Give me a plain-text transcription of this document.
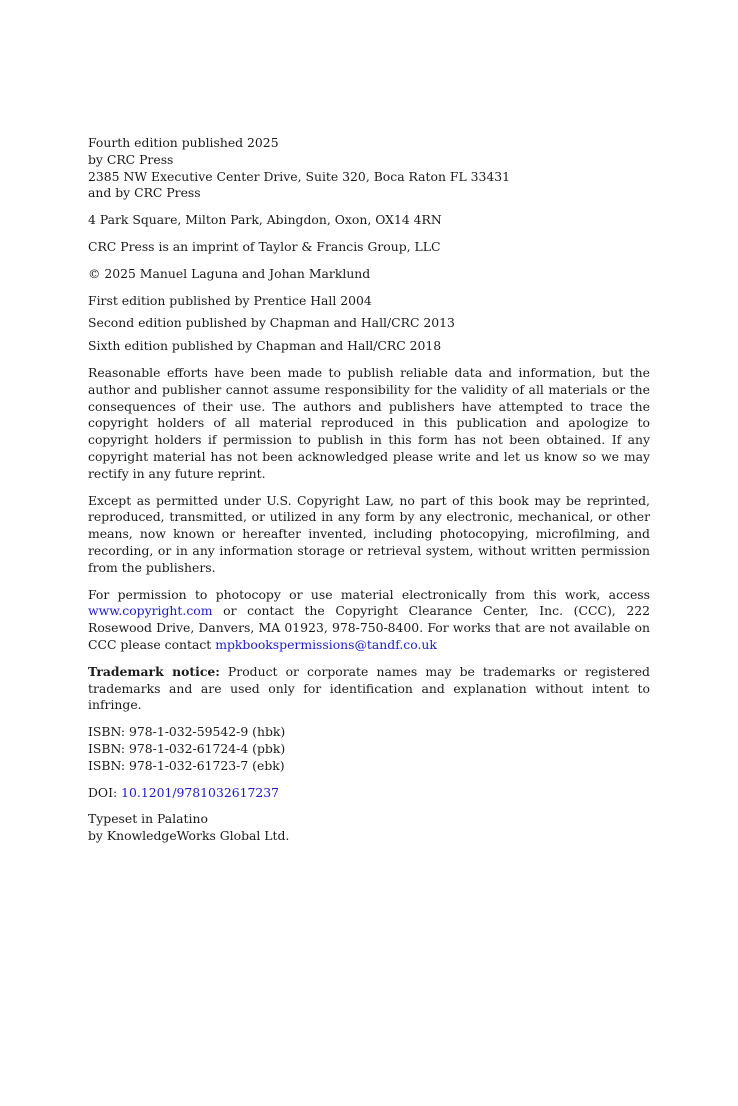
Fourth edition published 2025
by CRC Press
2385 NW Executive Center Drive, Suite 320, Boca Raton FL 33431
and by CRC Press
4 Park Square, Milton Park, Abingdon, Oxon, OX14 4RN
CRC Press is an imprint of Taylor & Francis Group, LLC
© 2025 Manuel Laguna and Johan Marklund
First edition published by Prentice Hall 2004
Second edition published by Chapman and Hall/CRC 2013
Sixth edition published by Chapman and Hall/CRC 2018

Reasonable efforts have been made to publish reliable data and information, but the author and publisher cannot assume responsibility for the validity of all materials or the consequences of their use. The authors and publishers have attempted to trace the copyright holders of all material reproduced in this publication and apologize to copyright holders if permission to publish in this form has not been obtained. If any copyright material has not been acknowledged please write and let us know so we may rectify in any future reprint.

Except as permitted under U.S. Copyright Law, no part of this book may be reprinted, reproduced, transmitted, or utilized in any form by any electronic, mechanical, or other means, now known or hereafter invented, including photocopying, microfilming, and recording, or in any information storage or retrieval system, without written permission from the publishers.

For permission to photocopy or use material electronically from this work, access www.copyright.com or contact the Copyright Clearance Center, Inc. (CCC), 222 Rosewood Drive, Danvers, MA 01923, 978-750-8400. For works that are not available on CCC please contact mpkbookspermissions@tandf.co.uk

Trademark notice: Product or corporate names may be trademarks or registered trademarks and are used only for identification and explanation without intent to infringe.

ISBN: 978-1-032-59542-9 (hbk)
ISBN: 978-1-032-61724-4 (pbk)
ISBN: 978-1-032-61723-7 (ebk)
DOI: 10.1201/9781032617237
Typeset in Palatino
by KnowledgeWorks Global Ltd.
